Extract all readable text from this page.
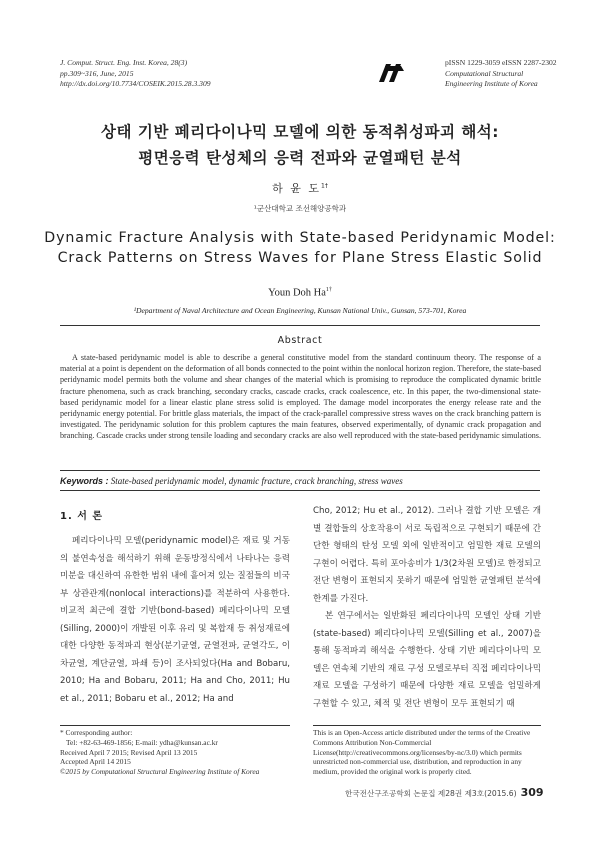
J. Comput. Struct. Eng. Inst. Korea, 28(3)
pp.309~316, June, 2015
http://dx.doi.org/10.7734/COSEIK.2015.28.3.309
pISSN 1229-3059 eISSN 2287-2302
Computational Structural
Engineering Institute of Korea
상태 기반 페리다이나믹 모델에 의한 동적취성파괴 해석:
평면응력 탄성체의 응력 전파와 균열패턴 분석
하 윤 도$^{1\dagger}$
¹군산대학교 조선해양공학과
Dynamic Fracture Analysis with State-based Peridynamic Model:
Crack Patterns on Stress Waves for Plane Stress Elastic Solid
Youn Doh $Ha^{1\dagger}$
¹Department of Naval Architecture and Ocean Engineering, Kunsan National Univ., Gunsan, 573-701, Korea
Abstract
A state-based peridynamic model is able to describe a general constitutive model from the standard continuum theory. The response of a material at a point is dependent on the deformation of all bonds connected to the point within the nonlocal horizon region. Therefore, the state-based peridynamic model permits both the volume and shear changes of the material which is promising to reproduce the complicated dynamic brittle fracture phenomena, such as crack branching, secondary cracks, cascade cracks, crack coalescence, etc. In this paper, the two-dimensional state-based peridynamic model for a linear elastic plane stress solid is employed. The damage model incorporates the energy release rate and the peridynamic energy potential. For brittle glass materials, the impact of the crack-parallel compressive stress waves on the crack branching pattern is investigated. The peridynamic solution for this problem captures the main features, observed experimentally, of dynamic crack propagation and branching. Cascade cracks under strong tensile loading and secondary cracks are also well reproduced with the state-based peridynamic simulations.
Keywords : State-based peridynamic model, dynamic fracture, crack branching, stress waves
1. 서 론

페리다이나믹 모델(peridynamic model)은 재료 및 거동의 불연속성을 해석하기 위해 운동방정식에서 나타나는 응력 미분을 대신하여 유한한 범위 내에 흩어져 있는 질점들의 비국부 상관관계(nonlocal interactions)를 적분하여 사용한다. 비교적 최근에 결합 기반(bond-based) 페리다이나믹 모델(Silling, 2000)이 개발된 이후 유리 및 복합재 등 취성재료에 대한 다양한 동적파괴 현상(분기균열, 균열전파, 균열각도, 이차균열, 계단균열, 파쇄 등)이 조사되었다(Ha and Bobaru, 2010; Ha and Bobaru, 2011; Ha and Cho, 2011; Hu et al., 2011; Bobaru et al., 2012; Ha and

Cho, 2012; Hu et al., 2012). 그러나 결합 기반 모델은 개별 결합들의 상호작용이 서로 독립적으로 구현되기 때문에 간단한 형태의 탄성 모델 외에 일반적이고 엄밀한 재료 모델의 구현이 어렵다. 특히 포아송비가 1/3(2차원 모델)로 한정되고 전단 변형이 표현되지 못하기 때문에 엄밀한 균열패턴 분석에 한계를 가진다.

본 연구에서는 일반화된 페리다이나믹 모델인 상태 기반(state-based) 페리다이나믹 모델(Silling et al., 2007)을 통해 동적파괴 해석을 수행한다. 상태 기반 페리다이나믹 모델은 연속체 기반의 재료 구성 모델로부터 직접 페리다이나믹 재료 모델을 구성하기 때문에 다양한 재료 모델을 엄밀하게 구현할 수 있고, 체적 및 전단 변형이 모두 표현되기 때

* Corresponding author:
Tel: +82-63-469-1856; E-mail: ydha@kunsan.ac.kr
Received April 7 2015; Revised April 13 2015
Accepted April 14 2015
©2015 by Computational Structural Engineering Institute of Korea
This is an Open-Access article distributed under the terms of the Creative Commons Attribution Non-Commercial License(http://creativecommons.org/licenses/by-nc/3.0) which permits unrestricted non-commercial use, distribution, and reproduction in any medium, provided the original work is properly cited.
한국전산구조공학회 논문집 제28권 제3호(2015.6) 309
